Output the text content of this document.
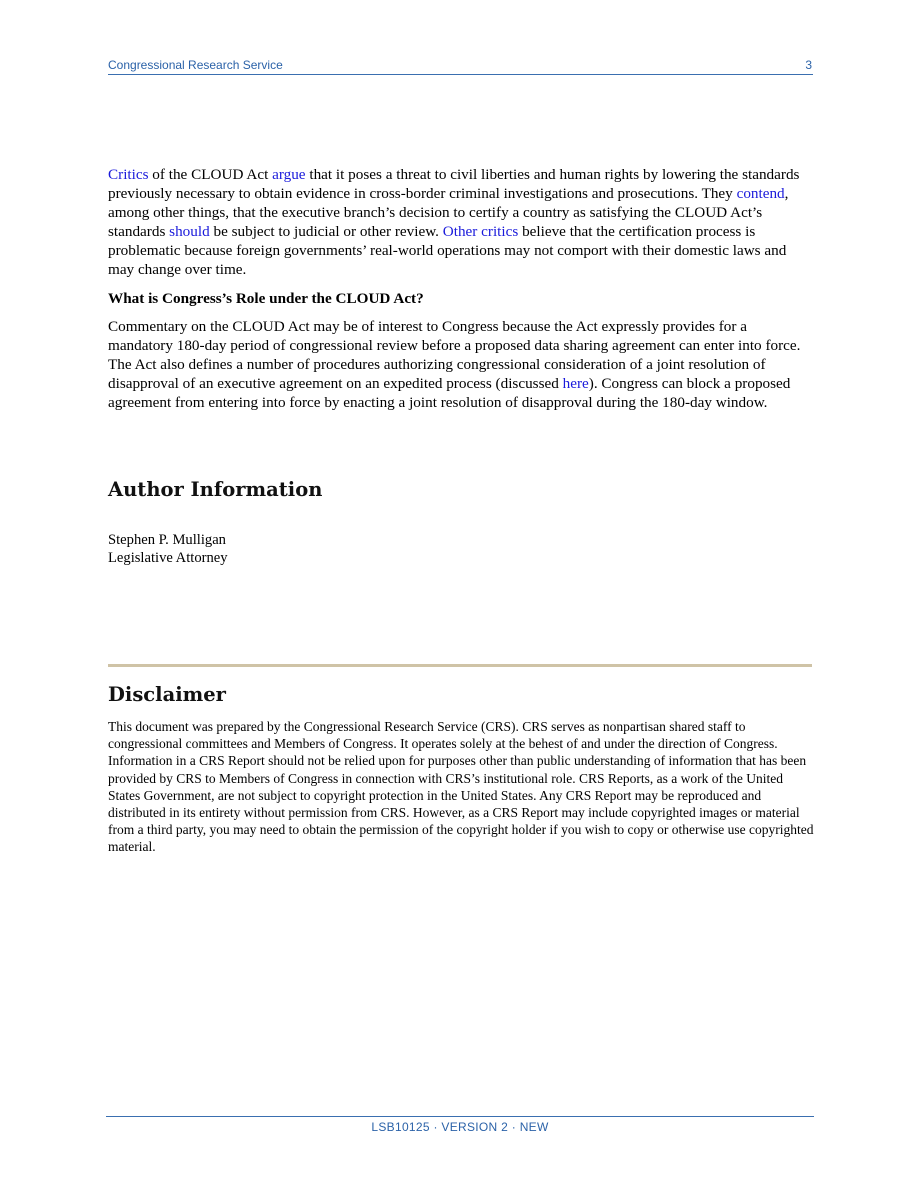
Congressional Research Service	3

Critics of the CLOUD Act argue that it poses a threat to civil liberties and human rights by lowering the standards previously necessary to obtain evidence in cross-border criminal investigations and prosecutions. They contend, among other things, that the executive branch’s decision to certify a country as satisfying the CLOUD Act’s standards should be subject to judicial or other review. Other critics believe that the certification process is problematic because foreign governments’ real-world operations may not comport with their domestic laws and may change over time.

What is Congress’s Role under the CLOUD Act?

Commentary on the CLOUD Act may be of interest to Congress because the Act expressly provides for a mandatory 180-day period of congressional review before a proposed data sharing agreement can enter into force. The Act also defines a number of procedures authorizing congressional consideration of a joint resolution of disapproval of an executive agreement on an expedited process (discussed here). Congress can block a proposed agreement from entering into force by enacting a joint resolution of disapproval during the 180-day window.

Author Information
Stephen P. Mulligan
Legislative Attorney
Disclaimer

This document was prepared by the Congressional Research Service (CRS). CRS serves as nonpartisan shared staff to congressional committees and Members of Congress. It operates solely at the behest of and under the direction of Congress. Information in a CRS Report should not be relied upon for purposes other than public understanding of information that has been provided by CRS to Members of Congress in connection with CRS’s institutional role. CRS Reports, as a work of the United States Government, are not subject to copyright protection in the United States. Any CRS Report may be reproduced and distributed in its entirety without permission from CRS. However, as a CRS Report may include copyrighted images or material from a third party, you may need to obtain the permission of the copyright holder if you wish to copy or otherwise use copyrighted material.

LSB10125 · VERSION 2 · NEW
